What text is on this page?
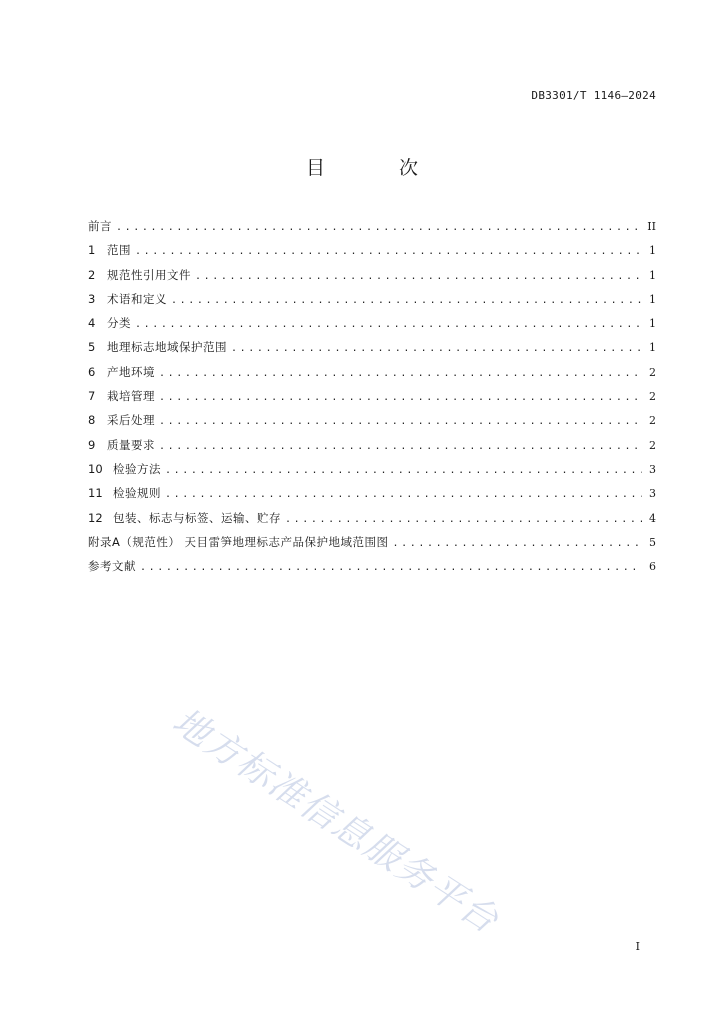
DB3301/T 1146—2024
目 次
前言 .....	II
1	范围 .....	1
2	规范性引用文件 .....	1
3	术语和定义 .....	1
4	分类 .....	1
5	地理标志地域保护范围 .....	1
6	产地环境 .....	2
7	栽培管理 .....	2
8	采后处理 .....	2
9	质量要求 .....	2
10 检验方法 .....	3
11 检验规则 .....	3
12 包装、标志与标签、运输、贮存 .....	4
附录A（规范性） 天目雷笋地理标志产品保护地域范围图 .....	5
参考文献 .....	6
地方标准信息服务平台
I
